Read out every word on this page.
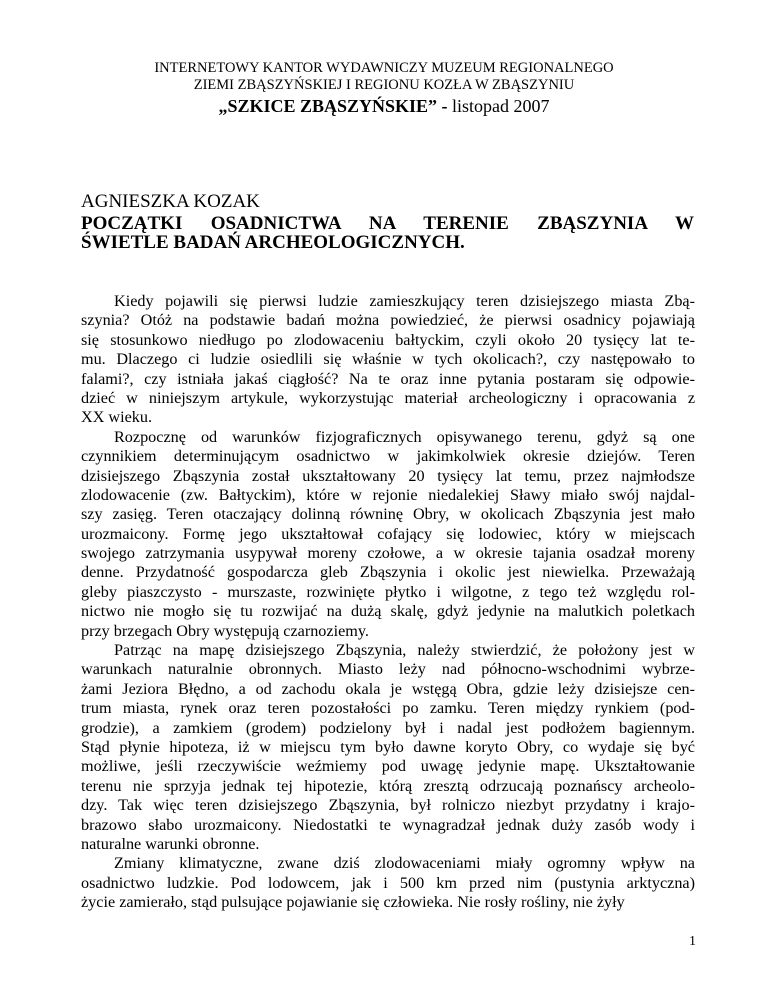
INTERNETOWY KANTOR WYDAWNICZY MUZEUM REGIONALNEGO
ZIEMI ZBĄSZYŃSKIEJ I REGIONU KOZŁA W ZBĄSZYNIU
„SZKICE ZBĄSZYŃSKIE” - listopad 2007
AGNIESZKA KOZAK
POCZĄTKI OSADNICTWA NA TERENIE ZBĄSZYNIA W
ŚWIETLE BADAŃ ARCHEOLOGICZNYCH.
Kiedy pojawili się pierwsi ludzie zamieszkujący teren dzisiejszego miasta Zbą-
szynia? Otóż na podstawie badań można powiedzieć, że pierwsi osadnicy pojawiają
się stosunkowo niedługo po zlodowaceniu bałtyckim, czyli około 20 tysięcy lat te-
mu. Dlaczego ci ludzie osiedlili się właśnie w tych okolicach?, czy następowało to
falami?, czy istniała jakaś ciągłość? Na te oraz inne pytania postaram się odpowie-
dzieć w niniejszym artykule, wykorzystując materiał archeologiczny i opracowania z
XX wieku.
Rozpocznę od warunków fizjograficznych opisywanego terenu, gdyż są one
czynnikiem determinującym osadnictwo w jakimkolwiek okresie dziejów. Teren
dzisiejszego Zbąszynia został ukształtowany 20 tysięcy lat temu, przez najmłodsze
zlodowacenie (zw. Bałtyckim), które w rejonie niedalekiej Sławy miało swój najdal-
szy zasięg. Teren otaczający dolinną równinę Obry, w okolicach Zbąszynia jest mało
urozmaicony. Formę jego ukształtował cofający się lodowiec, który w miejscach
swojego zatrzymania usypywał moreny czołowe, a w okresie tajania osadzał moreny
denne. Przydatność gospodarcza gleb Zbąszynia i okolic jest niewielka. Przeważają
gleby piaszczysto - murszaste, rozwinięte płytko i wilgotne, z tego też względu rol-
nictwo nie mogło się tu rozwijać na dużą skalę, gdyż jedynie na malutkich poletkach
przy brzegach Obry występują czarnoziemy.
Patrząc na mapę dzisiejszego Zbąszynia, należy stwierdzić, że położony jest w
warunkach naturalnie obronnych. Miasto leży nad północno-wschodnimi wybrze-
żami Jeziora Błędno, a od zachodu okala je wstęgą Obra, gdzie leży dzisiejsze cen-
trum miasta, rynek oraz teren pozostałości po zamku. Teren między rynkiem (pod-
grodzie), a zamkiem (grodem) podzielony był i nadal jest podłożem bagiennym.
Stąd płynie hipoteza, iż w miejscu tym było dawne koryto Obry, co wydaje się być
możliwe, jeśli rzeczywiście weźmiemy pod uwagę jedynie mapę. Ukształtowanie
terenu nie sprzyja jednak tej hipotezie, którą zresztą odrzucają poznańscy archeolo-
dzy. Tak więc teren dzisiejszego Zbąszynia, był rolniczo niezbyt przydatny i krajo-
brazowo słabo urozmaicony. Niedostatki te wynagradzał jednak duży zasób wody i
naturalne warunki obronne.
Zmiany klimatyczne, zwane dziś zlodowaceniami miały ogromny wpływ na
osadnictwo ludzkie. Pod lodowcem, jak i 500 km przed nim (pustynia arktyczna)
życie zamierało, stąd pulsujące pojawianie się człowieka. Nie rosły rośliny, nie żyły
1
